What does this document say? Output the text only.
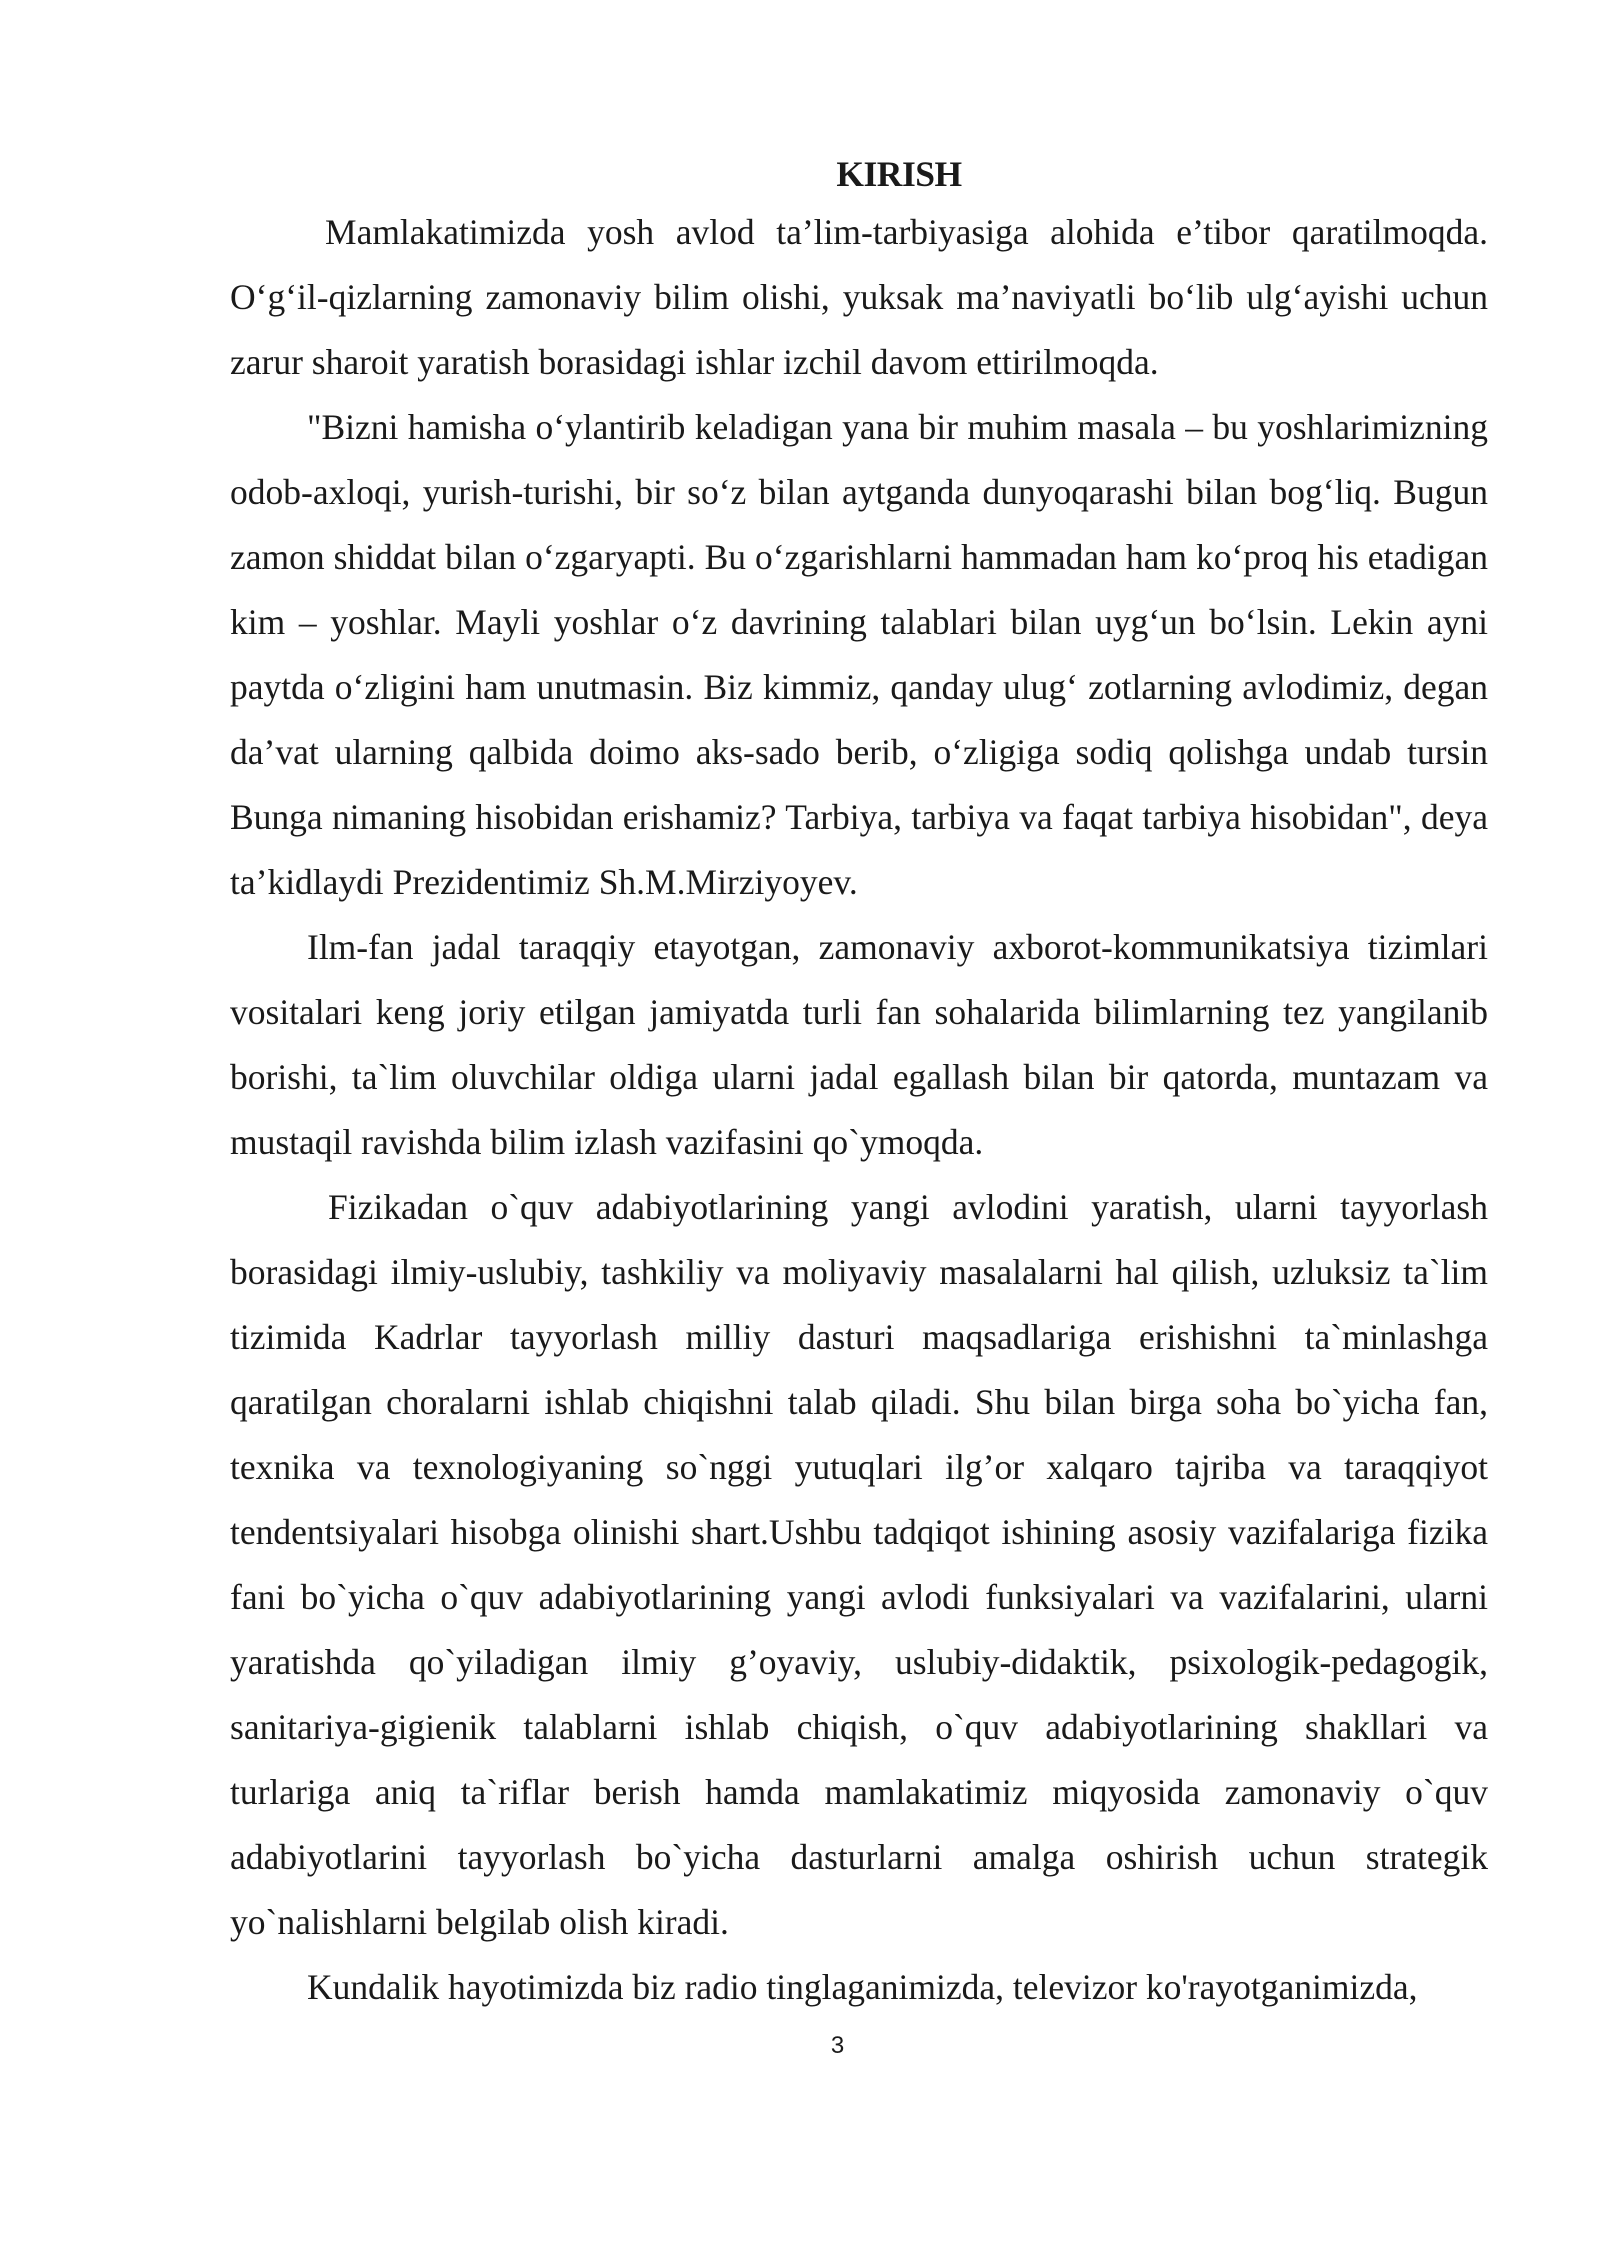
KIRISH

Mamlakatimizda yosh avlod ta’lim-tarbiyasiga alohida e’tibor qaratilmoqda. O‘g‘il-qizlarning zamonaviy bilim olishi, yuksak ma’naviyatli bo‘lib ulg‘ayishi uchun zarur sharoit yaratish borasidagi ishlar izchil davom ettirilmoqda.

"Bizni hamisha o‘ylantirib keladigan yana bir muhim masala – bu yoshlarimizning odob-axloqi, yurish-turishi, bir so‘z bilan aytganda dunyoqarashi bilan bog‘liq. Bugun zamon shiddat bilan o‘zgaryapti. Bu o‘zgarishlarni hammadan ham ko‘proq his etadigan kim – yoshlar. Mayli yoshlar o‘z davrining talablari bilan uyg‘un bo‘lsin. Lekin ayni paytda o‘zligini ham unutmasin. Biz kimmiz, qanday ulug‘ zotlarning avlodimiz, degan da’vat ularning qalbida doimo aks-sado berib, o‘zligiga sodiq qolishga undab tursin Bunga nimaning hisobidan erishamiz? Tarbiya, tarbiya va faqat tarbiya hisobidan", deya ta’kidlaydi Prezidentimiz Sh.M.Mirziyoyev.

Ilm-fan jadal taraqqiy etayotgan, zamonaviy axborot-kommunikatsiya tizimlari vositalari keng joriy etilgan jamiyatda turli fan sohalarida bilimlarning tez yangilanib borishi, ta`lim oluvchilar oldiga ularni jadal egallash bilan bir qatorda, muntazam va mustaqil ravishda bilim izlash vazifasini qo`ymoqda.

Fizikadan o`quv adabiyotlarining yangi avlodini yaratish, ularni tayyorlash borasidagi ilmiy-uslubiy, tashkiliy va moliyaviy masalalarni hal qilish, uzluksiz ta`lim tizimida Kadrlar tayyorlash milliy dasturi maqsadlariga erishishni ta`minlashga qaratilgan choralarni ishlab chiqishni talab qiladi. Shu bilan birga soha bo`yicha fan, texnika va texnologiyaning so`nggi yutuqlari ilg’or xalqaro tajriba va taraqqiyot tendentsiyalari hisobga olinishi shart.Ushbu tadqiqot ishining asosiy vazifalariga fizika fani bo`yicha o`quv adabiyotlarining yangi avlodi funksiyalari va vazifalarini, ularni yaratishda qo`yiladigan ilmiy g’oyaviy, uslubiy-didaktik, psixologik-pedagogik, sanitariya-gigienik talablarni ishlab chiqish, o`quv adabiyotlarining shakllari va turlariga aniq ta`riflar berish hamda mamlakatimiz miqyosida zamonaviy o`quv adabiyotlarini tayyorlash bo`yicha dasturlarni amalga oshirish uchun strategik yo`nalishlarni belgilab olish kiradi.

Kundalik hayotimizda biz radio tinglaganimizda, televizor ko'rayotganimizda,

3
